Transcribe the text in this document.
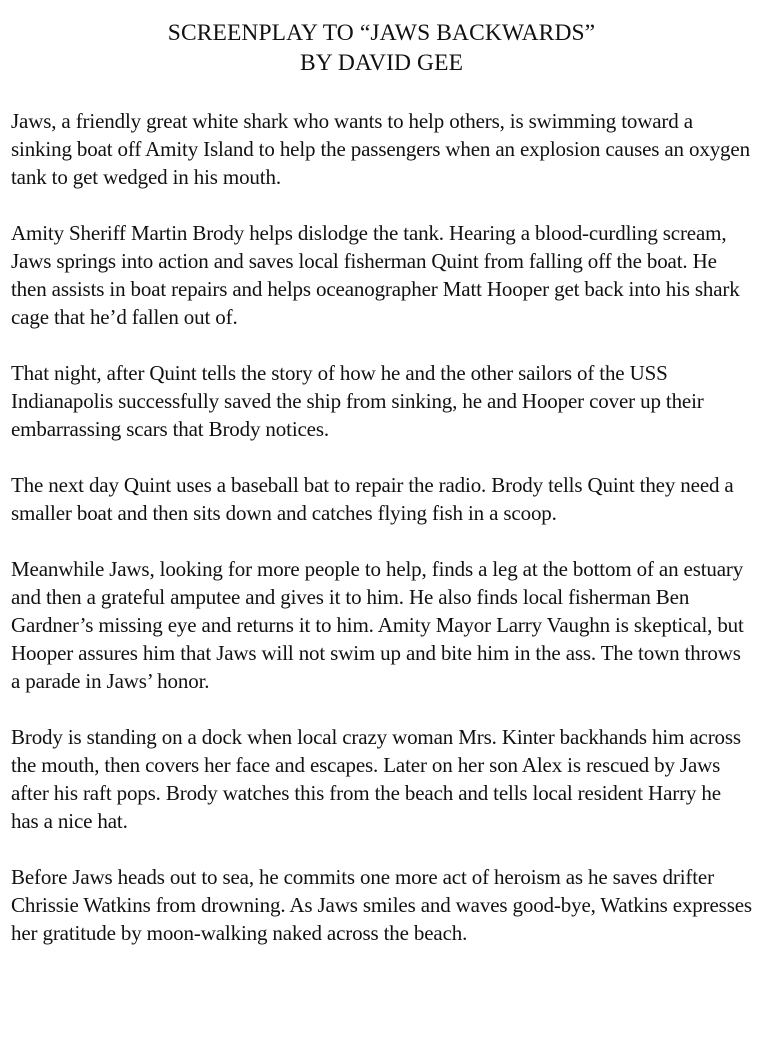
SCREENPLAY TO “JAWS BACKWARDS”
BY DAVID GEE

Jaws, a friendly great white shark who wants to help others, is swimming toward a sinking boat off Amity Island to help the passengers when an explosion causes an oxygen tank to get wedged in his mouth.

Amity Sheriff Martin Brody helps dislodge the tank. Hearing a blood-curdling scream, Jaws springs into action and saves local fisherman Quint from falling off the boat. He then assists in boat repairs and helps oceanographer Matt Hooper get back into his shark cage that he’d fallen out of.

That night, after Quint tells the story of how he and the other sailors of the USS Indianapolis successfully saved the ship from sinking, he and Hooper cover up their embarrassing scars that Brody notices.

The next day Quint uses a baseball bat to repair the radio. Brody tells Quint they need a smaller boat and then sits down and catches flying fish in a scoop.

Meanwhile Jaws, looking for more people to help, finds a leg at the bottom of an estuary and then a grateful amputee and gives it to him. He also finds local fisherman Ben Gardner’s missing eye and returns it to him. Amity Mayor Larry Vaughn is skeptical, but Hooper assures him that Jaws will not swim up and bite him in the ass. The town throws a parade in Jaws’ honor.

Brody is standing on a dock when local crazy woman Mrs. Kinter backhands him across the mouth, then covers her face and escapes. Later on her son Alex is rescued by Jaws after his raft pops. Brody watches this from the beach and tells local resident Harry he has a nice hat.

Before Jaws heads out to sea, he commits one more act of heroism as he saves drifter Chrissie Watkins from drowning. As Jaws smiles and waves good-bye, Watkins expresses her gratitude by moon-walking naked across the beach.
